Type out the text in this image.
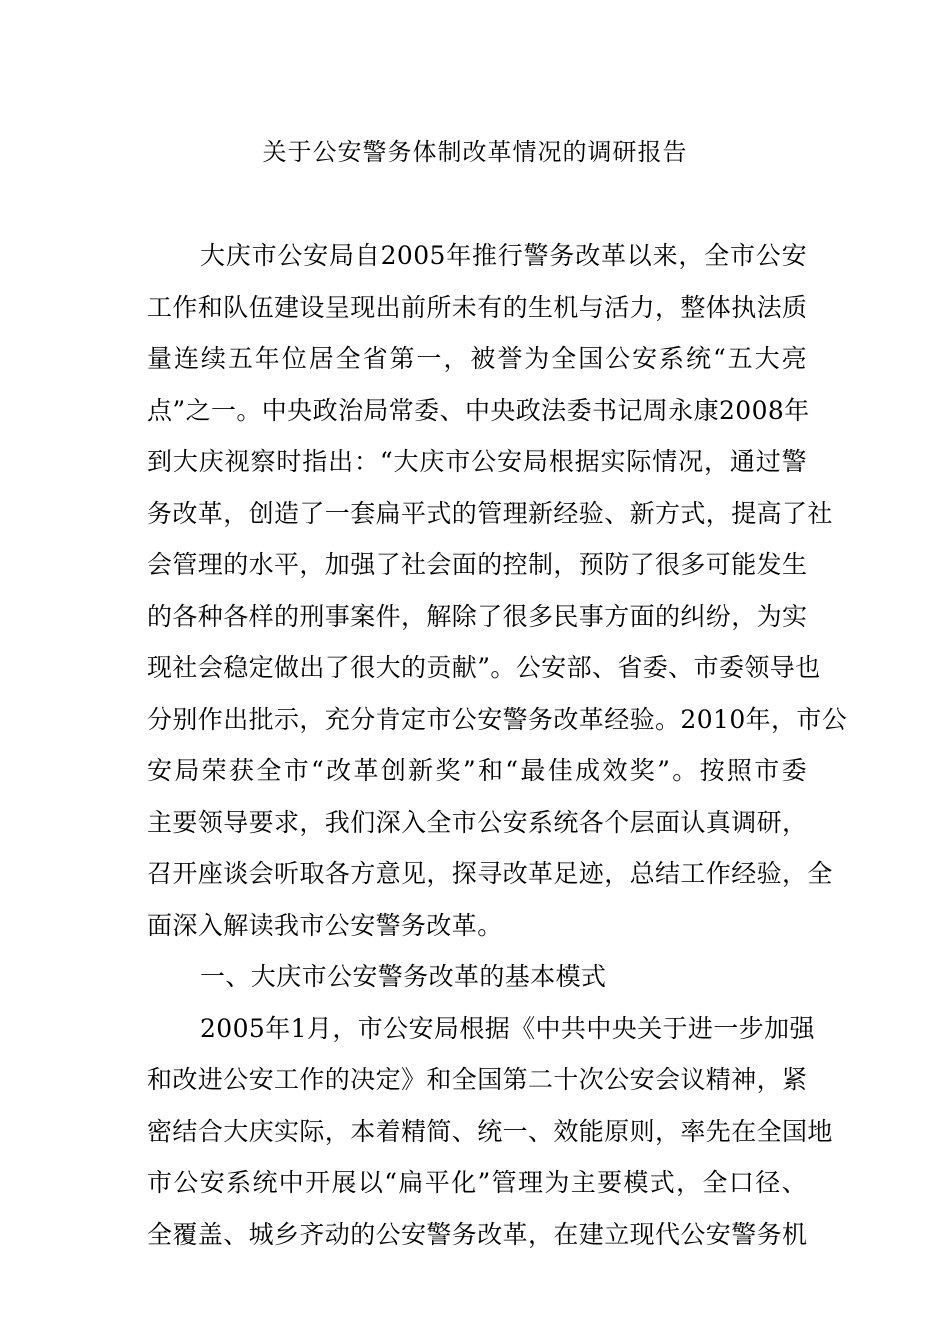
关于公安警务体制改革情况的调研报告
大庆市公安局自2005年推行警务改革以来，全市公安
工作和队伍建设呈现出前所未有的生机与活力，整体执法质
量连续五年位居全省第一，被誉为全国公安系统“五大亮
点”之一。中央政治局常委、中央政法委书记周永康2008年
到大庆视察时指出：“大庆市公安局根据实际情况，通过警
务改革，创造了一套扁平式的管理新经验、新方式，提高了社
会管理的水平，加强了社会面的控制，预防了很多可能发生
的各种各样的刑事案件，解除了很多民事方面的纠纷，为实
现社会稳定做出了很大的贡献”。公安部、省委、市委领导也
分别作出批示，充分肯定市公安警务改革经验。2010年，市公
安局荣获全市“改革创新奖”和“最佳成效奖”。按照市委
主要领导要求，我们深入全市公安系统各个层面认真调研，
召开座谈会听取各方意见，探寻改革足迹，总结工作经验，全
面深入解读我市公安警务改革。
一、大庆市公安警务改革的基本模式
2005年1月，市公安局根据《中共中央关于进一步加强
和改进公安工作的决定》和全国第二十次公安会议精神，紧
密结合大庆实际，本着精简、统一、效能原则，率先在全国地
市公安系统中开展以“扁平化”管理为主要模式，全口径、
全覆盖、城乡齐动的公安警务改革，在建立现代公安警务机
